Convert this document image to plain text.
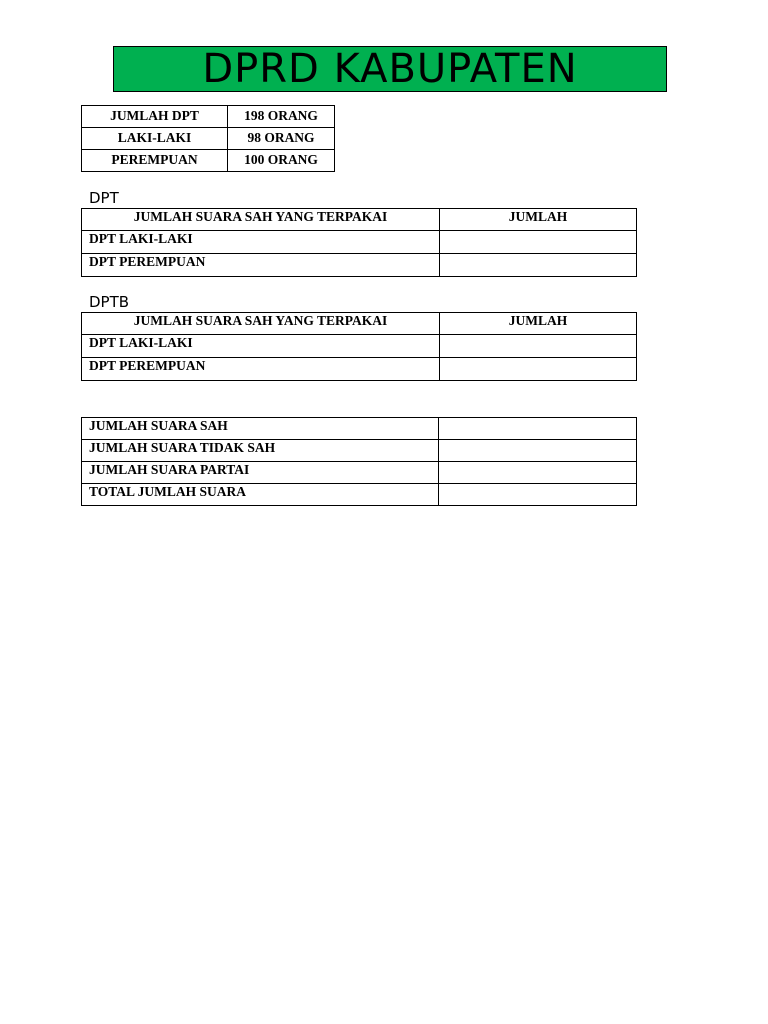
DPRD KABUPATEN
JUMLAH DPT	198 ORANG
LAKI-LAKI	98 ORANG
PEREMPUAN	100 ORANG
DPT
JUMLAH SUARA SAH YANG TERPAKAI	JUMLAH
DPT LAKI-LAKI	
DPT PEREMPUAN	
DPTB
JUMLAH SUARA SAH YANG TERPAKAI	JUMLAH
DPT LAKI-LAKI	
DPT PEREMPUAN	
JUMLAH SUARA SAH	
JUMLAH SUARA TIDAK SAH	
JUMLAH SUARA PARTAI	
TOTAL JUMLAH SUARA	
